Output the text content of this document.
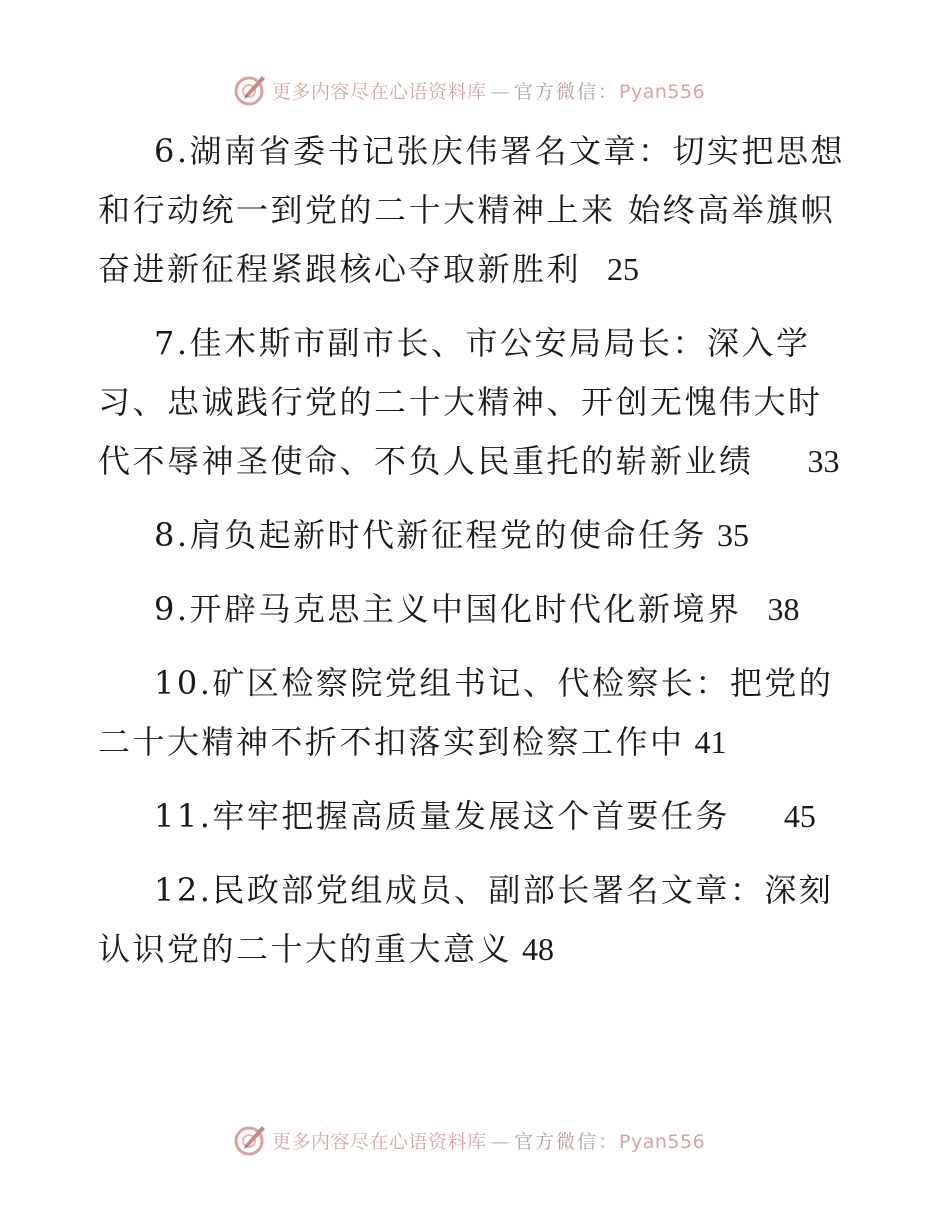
更多内容尽在心语资料库 — 官方微信：Pyan556

6.湖南省委书记张庆伟署名文章：切实把思想和行动统一到党的二十大精神上来 始终高举旗帜奋进新征程紧跟核心夺取新胜利 25

7.佳木斯市副市长、市公安局局长：深入学习、忠诚践行党的二十大精神、开创无愧伟大时代不辱神圣使命、不负人民重托的崭新业绩 33

8.肩负起新时代新征程党的使命任务 35

9.开辟马克思主义中国化时代化新境界 38

10.矿区检察院党组书记、代检察长：把党的二十大精神不折不扣落实到检察工作中 41

11.牢牢把握高质量发展这个首要任务 45

12.民政部党组成员、副部长署名文章：深刻认识党的二十大的重大意义 48

更多内容尽在心语资料库 — 官方微信：Pyan556
